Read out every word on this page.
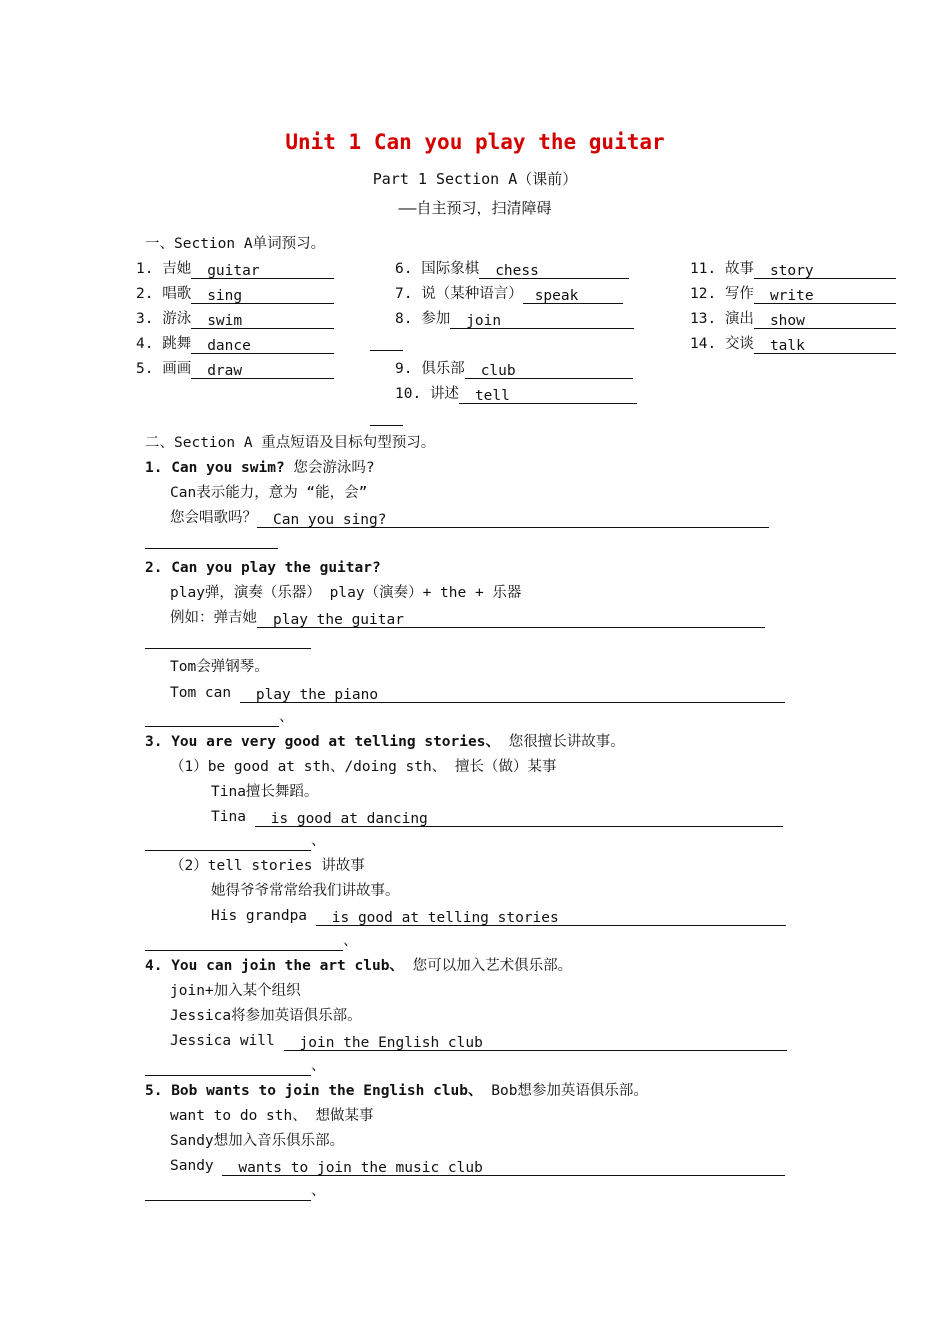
Unit 1 Can you play the guitar
Part 1 Section A（课前）
——自主预习，扫清障碍
一、Section A单词预习。
1. 吉她 guitar
2. 唱歌 sing
3. 游泳 swim
4. 跳舞 dance
5. 画画 draw
6. 国际象棋 chess
7. 说（某种语言） speak
8. 参加 join
9. 俱乐部 club
10. 讲述 tell
11. 故事 story
12. 写作 write
13. 演出 show
14. 交谈 talk
二、Section A 重点短语及目标句型预习。
1. Can you swim? 您会游泳吗?
Can表示能力，意为 “能，会”
您会唱歌吗？ Can you sing?
2. Can you play the guitar?
play弹，演奏（乐器） play（演奏）+ the + 乐器
例如：弹吉她 play the guitar
Tom会弹钢琴。
Tom can play the piano
、
3. You are very good at telling stories、 您很擅长讲故事。
（1）be good at sth、/doing sth、 擅长（做）某事
Tina擅长舞蹈。
Tina is good at dancing
、
（2）tell stories 讲故事
她得爷爷常常给我们讲故事。
His grandpa is good at telling stories
、
4. You can join the art club、 您可以加入艺术俱乐部。
join+加入某个组织
Jessica将参加英语俱乐部。
Jessica will join the English club
、
5. Bob wants to join the English club、 Bob想参加英语俱乐部。
want to do sth、 想做某事
Sandy想加入音乐俱乐部。
Sandy wants to join the music club
、
